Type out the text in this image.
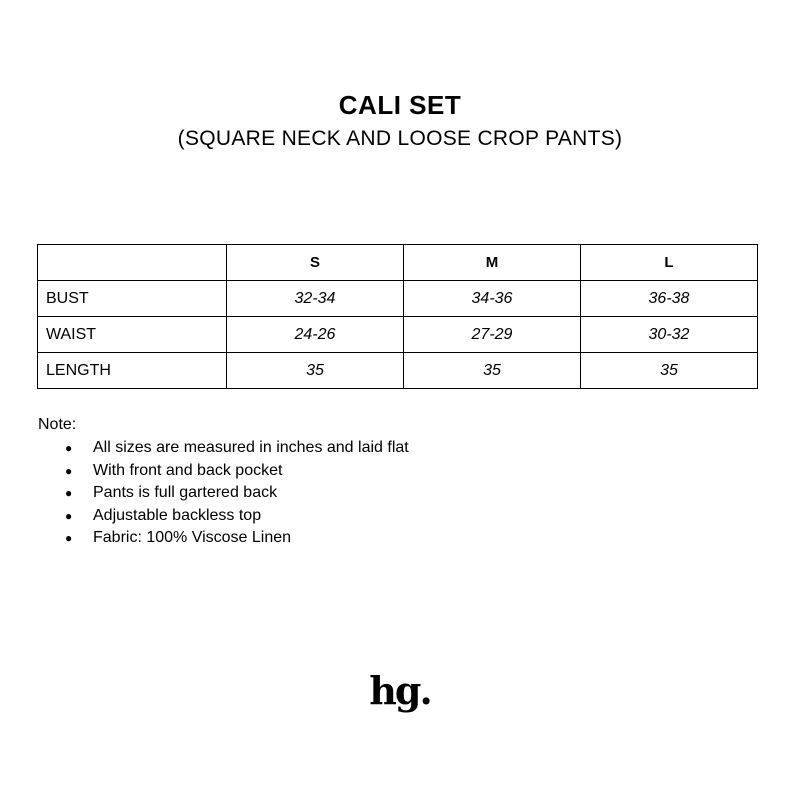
CALI SET
(SQUARE NECK AND LOOSE CROP PANTS)
	S	M	L
BUST	32-34	34-36	36-38
WAIST	24-26	27-29	30-32
LENGTH	35	35	35
Note:
●	All sizes are measured in inches and laid flat
●	With front and back pocket
●	Pants is full gartered back
●	Adjustable backless top
●	Fabric: 100% Viscose Linen
hg.
